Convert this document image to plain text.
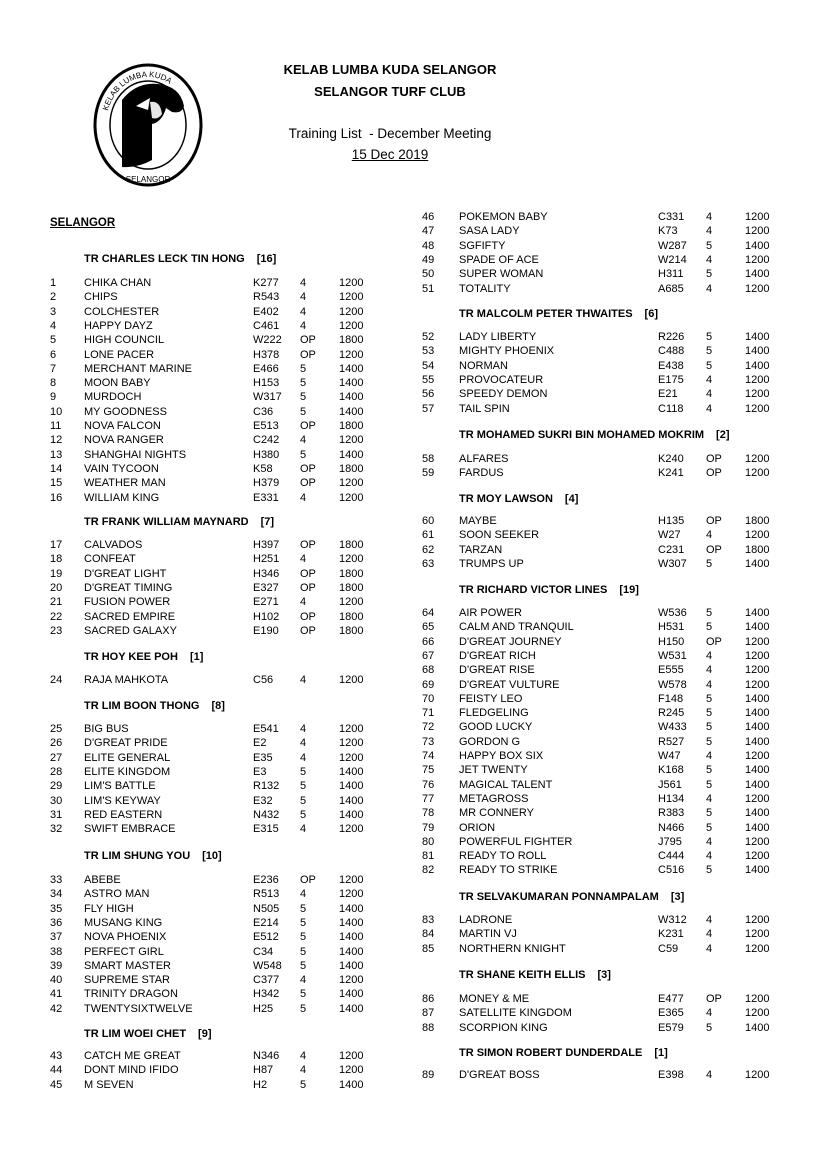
KELAB LUMBA KUDA
SELANGOR
KELAB LUMBA KUDA SELANGOR
SELANGOR TURF CLUB
Training List  - December Meeting
15 Dec 2019
SELANGOR
TR CHARLES LECK TIN HONG [16]
1	CHIKA CHAN	K277 4	1200
2	CHIPS	R543 4	1200
3	COLCHESTER	E402 4	1200
4	HAPPY DAYZ	C461 4	1200
5	HIGH COUNCIL	W222 OP 1800
6	LONE PACER	H378 OP 1200
7	MERCHANT MARINE	E466 5	1400
8	MOON BABY	H153 5	1400
9	MURDOCH	W317 5	1400
10 MY GOODNESS	C36 5	1400
11 NOVA FALCON	E513 OP 1800
12 NOVA RANGER	C242 4	1200
13 SHANGHAI NIGHTS	H380 5	1400
14 VAIN TYCOON	K58 OP 1800
15 WEATHER MAN	H379 OP 1200
16 WILLIAM KING	E331 4	1200
TR FRANK WILLIAM MAYNARD [7]
17 CALVADOS	H397 OP 1800
18 CONFEAT	H251 4	1200
19 D'GREAT LIGHT	H346 OP 1800
20 D'GREAT TIMING	E327 OP 1800
21 FUSION POWER	E271 4	1200
22 SACRED EMPIRE	H102 OP 1800
23 SACRED GALAXY	E190 OP 1800
TR HOY KEE POH [1]
24 RAJA MAHKOTA	C56 4	1200
TR LIM BOON THONG [8]
25 BIG BUS	E541 4	1200
26 D'GREAT PRIDE	E2	4	1200
27 ELITE GENERAL	E35 4	1200
28 ELITE KINGDOM	E3	5	1400
29 LIM'S BATTLE	R132 5	1400
30 LIM'S KEYWAY	E32 5	1400
31 RED EASTERN	N432 5	1400
32 SWIFT EMBRACE	E315 4	1200
TR LIM SHUNG YOU [10]
33 ABEBE	E236 OP 1200
34 ASTRO MAN	R513 4	1200
35 FLY HIGH	N505 5	1400
36 MUSANG KING	E214 5	1400
37 NOVA PHOENIX	E512 5	1400
38 PERFECT GIRL	C34 5	1400
39 SMART MASTER	W548 5	1400
40 SUPREME STAR	C377 4	1200
41 TRINITY DRAGON	H342 5	1400
42 TWENTYSIXTWELVE	H25 5	1400
TR LIM WOEI CHET [9]
43 CATCH ME GREAT	N346 4	1200
44 DONT MIND IFIDO	H87 4	1200
45 M SEVEN	H2	5	1400
46 POKEMON BABY	C331 4	1200
47 SASA LADY	K73	4	1200
48 SGFIFTY	W287 5	1400
49 SPADE OF ACE	W214 4	1200
50 SUPER WOMAN	H311 5	1400
51 TOTALITY	A685 4	1200
TR MALCOLM PETER THWAITES [6]
52 LADY LIBERTY	R226 5	1400
53 MIGHTY PHOENIX	C488 5	1400
54 NORMAN	E438 5	1400
55 PROVOCATEUR	E175 4	1200
56 SPEEDY DEMON	E21	4	1200
57 TAIL SPIN	C118 4	1200
TR MOHAMED SUKRI BIN MOHAMED MOKRIM [2]
58 ALFARES	K240 OP 1200
59 FARDUS	K241 OP 1200
TR MOY LAWSON [4]
60 MAYBE	H135 OP 1800
61 SOON SEEKER	W27 4	1200
62 TARZAN	C231 OP 1800
63 TRUMPS UP	W307 5	1400
TR RICHARD VICTOR LINES [19]
64 AIR POWER	W536 5	1400
65 CALM AND TRANQUIL	H531 5	1400
66 D'GREAT JOURNEY	H150 OP 1200
67 D'GREAT RICH	W531 4	1200
68 D'GREAT RISE	E555 4	1200
69 D'GREAT VULTURE	W578 4	1200
70 FEISTY LEO	F148 5	1400
71 FLEDGELING	R245 5	1400
72 GOOD LUCKY	W433 5	1400
73 GORDON G	R527 5	1400
74 HAPPY BOX SIX	W47 4	1200
75 JET TWENTY	K168 5	1400
76 MAGICAL TALENT	J561 5	1400
77 METAGROSS	H134 4	1200
78 MR CONNERY	R383 5	1400
79 ORION	N466 5	1400
80 POWERFUL FIGHTER	J795 4	1200
81 READY TO ROLL	C444 4	1200
82 READY TO STRIKE	C516 5	1400
TR SELVAKUMARAN PONNAMPALAM [3]
83 LADRONE	W312 4	1200
84 MARTIN VJ	K231 4	1200
85 NORTHERN KNIGHT	C59	4	1200
TR SHANE KEITH ELLIS [3]
86 MONEY & ME	E477 OP 1200
87 SATELLITE KINGDOM	E365 4	1200
88 SCORPION KING	E579 5	1400
TR SIMON ROBERT DUNDERDALE [1]
89 D'GREAT BOSS	E398 4	1200
